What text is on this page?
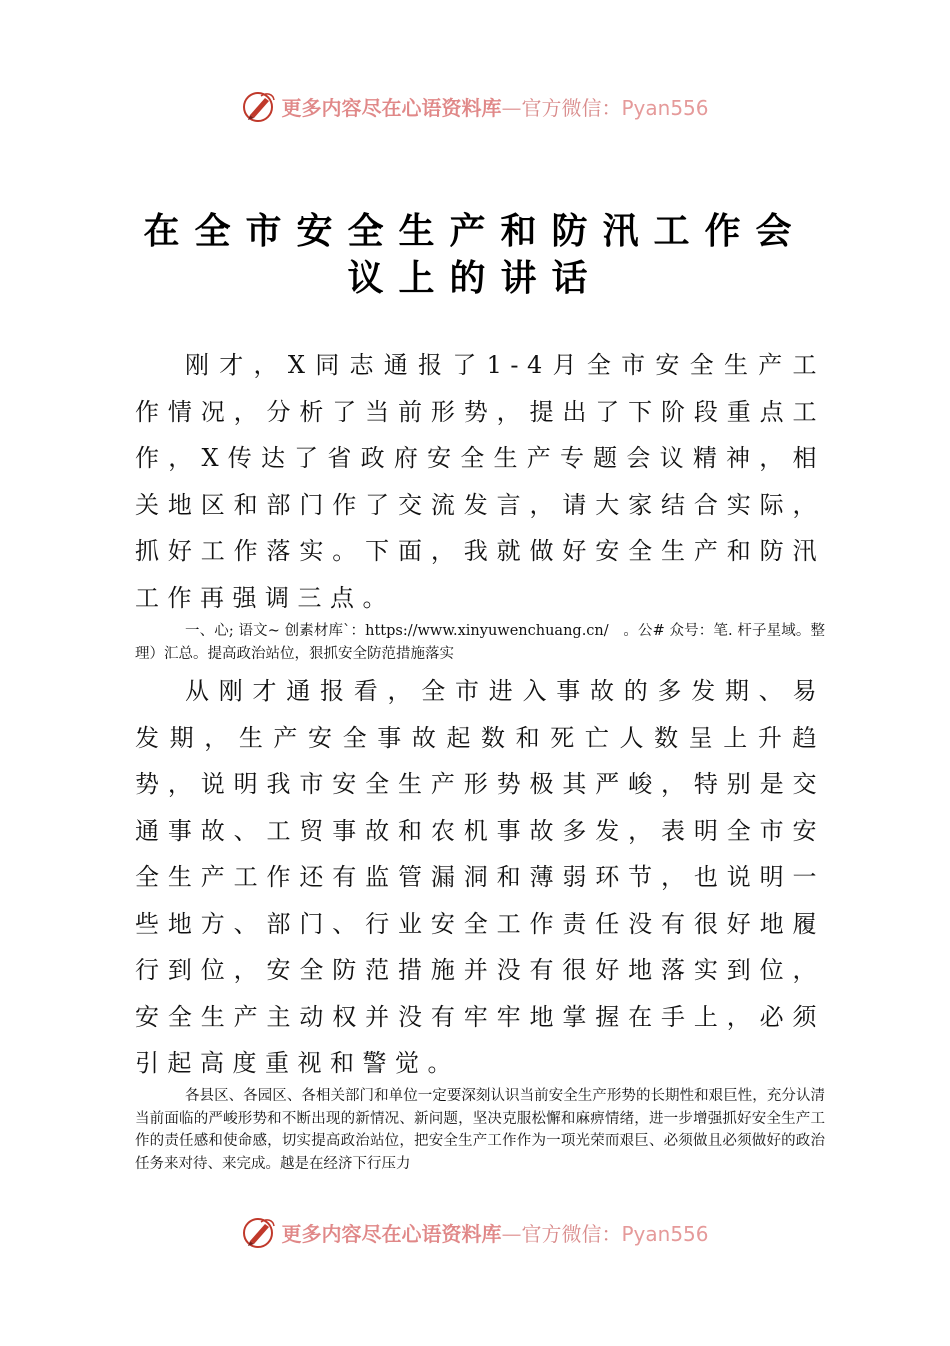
更多内容尽在心语资料库—官方微信：Pyan556
在全市安全生产和防汛工作会
议上的讲话

刚才，X同志通报了1-4月全市安全生产工作情况，分析了当前形势，提出了下阶段重点工作，X传达了省政府安全生产专题会议精神，相关地区和部门作了交流发言，请大家结合实际，抓好工作落实。下面，我就做好安全生产和防汛工作再强调三点。

一、心; 语文~ 创素材库`：https://www.xinyuwenchuang.cn/　。公# 众号：笔. 杆子星域。整理）汇总。提高政治站位，狠抓安全防范措施落实

从刚才通报看，全市进入事故的多发期、易发期，生产安全事故起数和死亡人数呈上升趋势，说明我市安全生产形势极其严峻，特别是交通事故、工贸事故和农机事故多发，表明全市安全生产工作还有监管漏洞和薄弱环节，也说明一些地方、部门、行业安全工作责任没有很好地履行到位，安全防范措施并没有很好地落实到位，安全生产主动权并没有牢牢地掌握在手上，必须引起高度重视和警觉。

各县区、各园区、各相关部门和单位一定要深刻认识当前安全生产形势的长期性和艰巨性，充分认清当前面临的严峻形势和不断出现的新情况、新问题，坚决克服松懈和麻痹情绪，进一步增强抓好安全生产工作的责任感和使命感，切实提高政治站位，把安全生产工作作为一项光荣而艰巨、必须做且必须做好的政治任务来对待、来完成。越是在经济下行压力

更多内容尽在心语资料库—官方微信：Pyan556
